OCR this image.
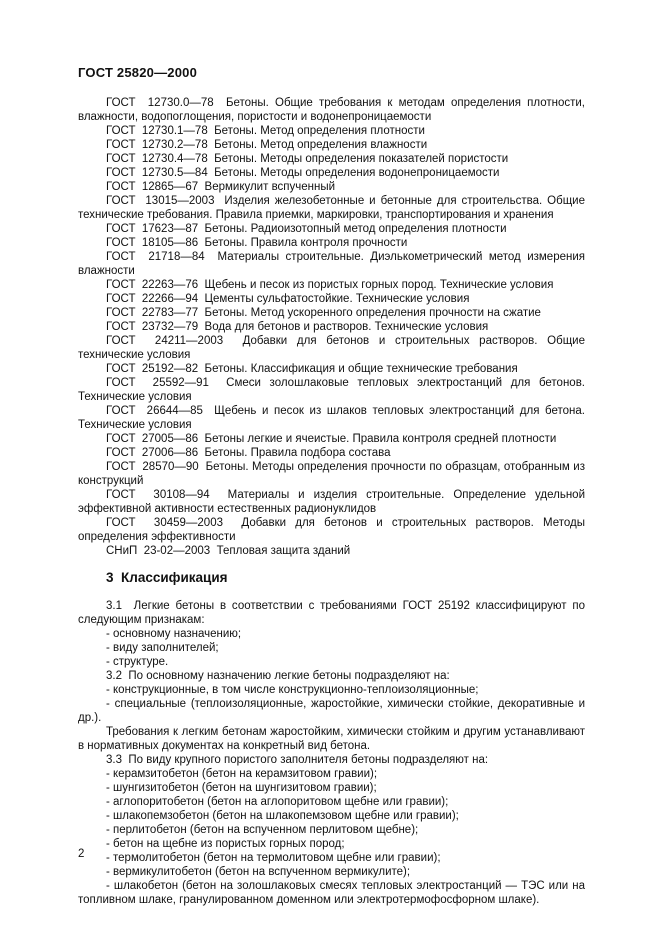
ГОСТ 25820—2000

ГОСТ  12730.0—78  Бетоны. Общие требования к методам определения плотности, влажности, водопоглощения, пористости и водонепроницаемости

ГОСТ  12730.1—78  Бетоны. Метод определения плотности

ГОСТ  12730.2—78  Бетоны. Метод определения влажности

ГОСТ  12730.4—78  Бетоны. Методы определения показателей пористости

ГОСТ  12730.5—84  Бетоны. Методы определения водонепроницаемости

ГОСТ  12865—67  Вермикулит вспученный

ГОСТ  13015—2003  Изделия железобетонные и бетонные для строительства. Общие технические требования. Правила приемки, маркировки, транспортирования и хранения

ГОСТ  17623—87  Бетоны. Радиоизотопный метод определения плотности

ГОСТ  18105—86  Бетоны. Правила контроля прочности

ГОСТ  21718—84  Материалы строительные. Диэлькометрический метод измерения влажности

ГОСТ  22263—76  Щебень и песок из пористых горных пород. Технические условия

ГОСТ  22266—94  Цементы сульфатостойкие. Технические условия

ГОСТ  22783—77  Бетоны. Метод ускоренного определения прочности на сжатие

ГОСТ  23732—79  Вода для бетонов и растворов. Технические условия

ГОСТ  24211—2003  Добавки для бетонов и строительных растворов. Общие технические условия

ГОСТ  25192—82  Бетоны. Классификация и общие технические требования

ГОСТ  25592—91  Смеси золошлаковые тепловых электростанций для бетонов. Технические условия

ГОСТ  26644—85  Щебень и песок из шлаков тепловых электростанций для бетона. Технические условия

ГОСТ  27005—86  Бетоны легкие и ячеистые. Правила контроля средней плотности

ГОСТ  27006—86  Бетоны. Правила подбора состава

ГОСТ  28570—90  Бетоны. Методы определения прочности по образцам, отобранным из конструкций

ГОСТ  30108—94  Материалы и изделия строительные. Определение удельной эффективной активности естественных радионуклидов

ГОСТ  30459—2003  Добавки для бетонов и строительных растворов. Методы определения эффективности

СНиП  23-02—2003  Тепловая защита зданий

3  Классификация

3.1  Легкие бетоны в соответствии с требованиями ГОСТ 25192 классифицируют по следующим признакам:

- основному назначению;

- виду заполнителей;

- структуре.

3.2  По основному назначению легкие бетоны подразделяют на:

- конструкционные, в том числе конструкционно-теплоизоляционные;

- специальные (теплоизоляционные, жаростойкие, химически стойкие, декоративные и др.).

Требования к легким бетонам жаростойким, химически стойким и другим устанавливают в нормативных документах на конкретный вид бетона.

3.3  По виду крупного пористого заполнителя бетоны подразделяют на:

- керамзитобетон (бетон на керамзитовом гравии);

- шунгизитобетон (бетон на шунгизитовом гравии);

- аглопоритобетон (бетон на аглопоритовом щебне или гравии);

- шлакопемзобетон (бетон на шлакопемзовом щебне или гравии);

- перлитобетон (бетон на вспученном перлитовом щебне);

- бетон на щебне из пористых горных пород;

- термолитобетон (бетон на термолитовом щебне или гравии);

- вермикулитобетон (бетон на вспученном вермикулите);

- шлакобетон (бетон на золошлаковых смесях тепловых электростанций — ТЭС или на топливном шлаке, гранулированном доменном или электротермофосфорном шлаке).

2
